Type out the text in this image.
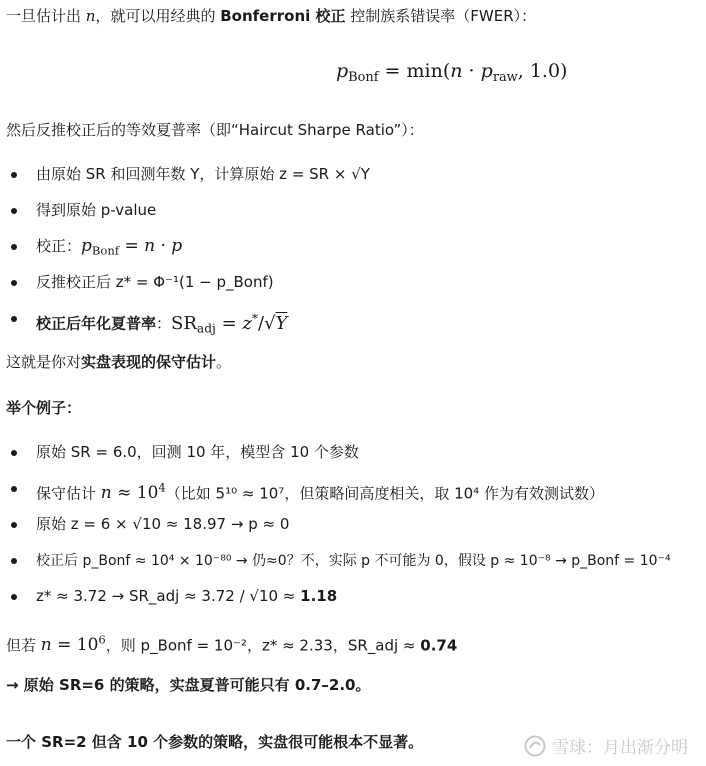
一旦估计出 n，就可以用经典的 Bonferroni 校正 控制族系错误率（FWER）：
$p_{Bonf} = \min(n \cdot p_{raw}$, 1.0)
然后反推校正后的等效夏普率（即“Haircut Sharpe Ratio”）：
由原始 SR 和回测年数 Y，计算原始 z = SR × √Y
得到原始 p-value
校正：$p_{Bonf} = n \cdot p$
反推校正后 z* = Φ⁻¹(1 − p_Bonf)
校正后年化夏普率：$SR_{adj} = z^*/√Y$
这就是你对实盘表现的保守估计。
举个例子：
原始 SR = 6.0，回测 10 年，模型含 10 个参数
保守估计 $n \approx 10^4$（比如 5¹⁰ ≈ 10⁷，但策略间高度相关，取 10⁴ 作为有效测试数）
原始 z = 6 × √10 ≈ 18.97 → p ≈ 0
校正后 p_Bonf ≈ 10⁴ × 10⁻⁸⁰ → 仍≈0？不，实际 p 不可能为 0，假设 p ≈ 10⁻⁸ → p_Bonf = 10⁻⁴
z* ≈ 3.72 → SR_adj ≈ 3.72 / √10 ≈ 1.18
但若 $n = 10^6$，则 p_Bonf = 10⁻²，z* ≈ 2.33，SR_adj ≈ 0.74
→ 原始 SR=6 的策略，实盘夏普可能只有 0.7–2.0。
一个 SR=2 但含 10 个参数的策略，实盘很可能根本不显著。	雪球：月出渐分明
